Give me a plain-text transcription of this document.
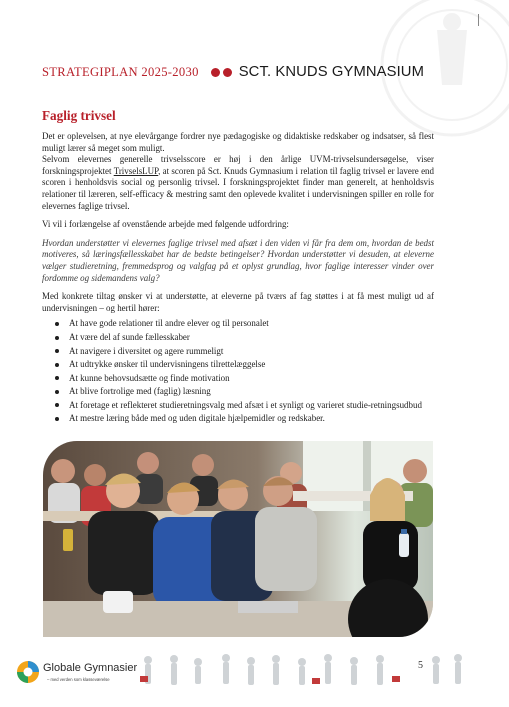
STRATEGIPLAN 2025-2030	SCT. KNUDS GYMNASIUM
Faglig trivsel

Det er oplevelsen, at nye elevårgange fordrer nye pædagogiske og didaktiske redskaber og indsatser, så flest muligt lærer så meget som muligt.

Selvom elevernes generelle trivselsscore er høj i den årlige UVM-trivselsundersøgelse, viser forskningsprojektet TrivselsLUP, at scoren på Sct. Knuds Gymnasium i relation til faglig trivsel er lavere end scoren i henholdsvis social og personlig trivsel. I forskningsprojektet finder man generelt, at henholdsvis relationer til læreren, self-efficacy & mestring samt den oplevede kvalitet i undervisningen spiller en rolle for elevernes faglige trivsel.

Vi vil i forlængelse af ovenstående arbejde med følgende udfordring:

Hvordan understøtter vi elevernes faglige trivsel med afsæt i den viden vi får fra dem om, hvordan de bedst motiveres, så læringsfællesskabet har de bedste betingelser? Hvordan understøtter vi desuden, at eleverne vælger studieretning, fremmedsprog og valgfag på et oplyst grundlag, hvor faglige interesser vinder over fordomme og sidemandens valg?

Med konkrete tiltag ønsker vi at understøtte, at eleverne på tværs af fag støttes i at få mest muligt ud af undervisningen – og hertil hører:

At have gode relationer til andre elever og til personalet
At være del af sunde fællesskaber
At navigere i diversitet og agere rummeligt
At udtrykke ønsker til undervisningens tilrettelæggelse
At kunne behovsudsætte og finde motivation
At blive fortrolige med (faglig) læsning
At foretage et reflekteret studieretningsvalg med afsæt i et synligt og varieret studie-retningsudbud
At mestre læring både med og uden digitale hjælpemidler og redskaber.
Globale Gymnasier
– med verden som klasseværelse
5
